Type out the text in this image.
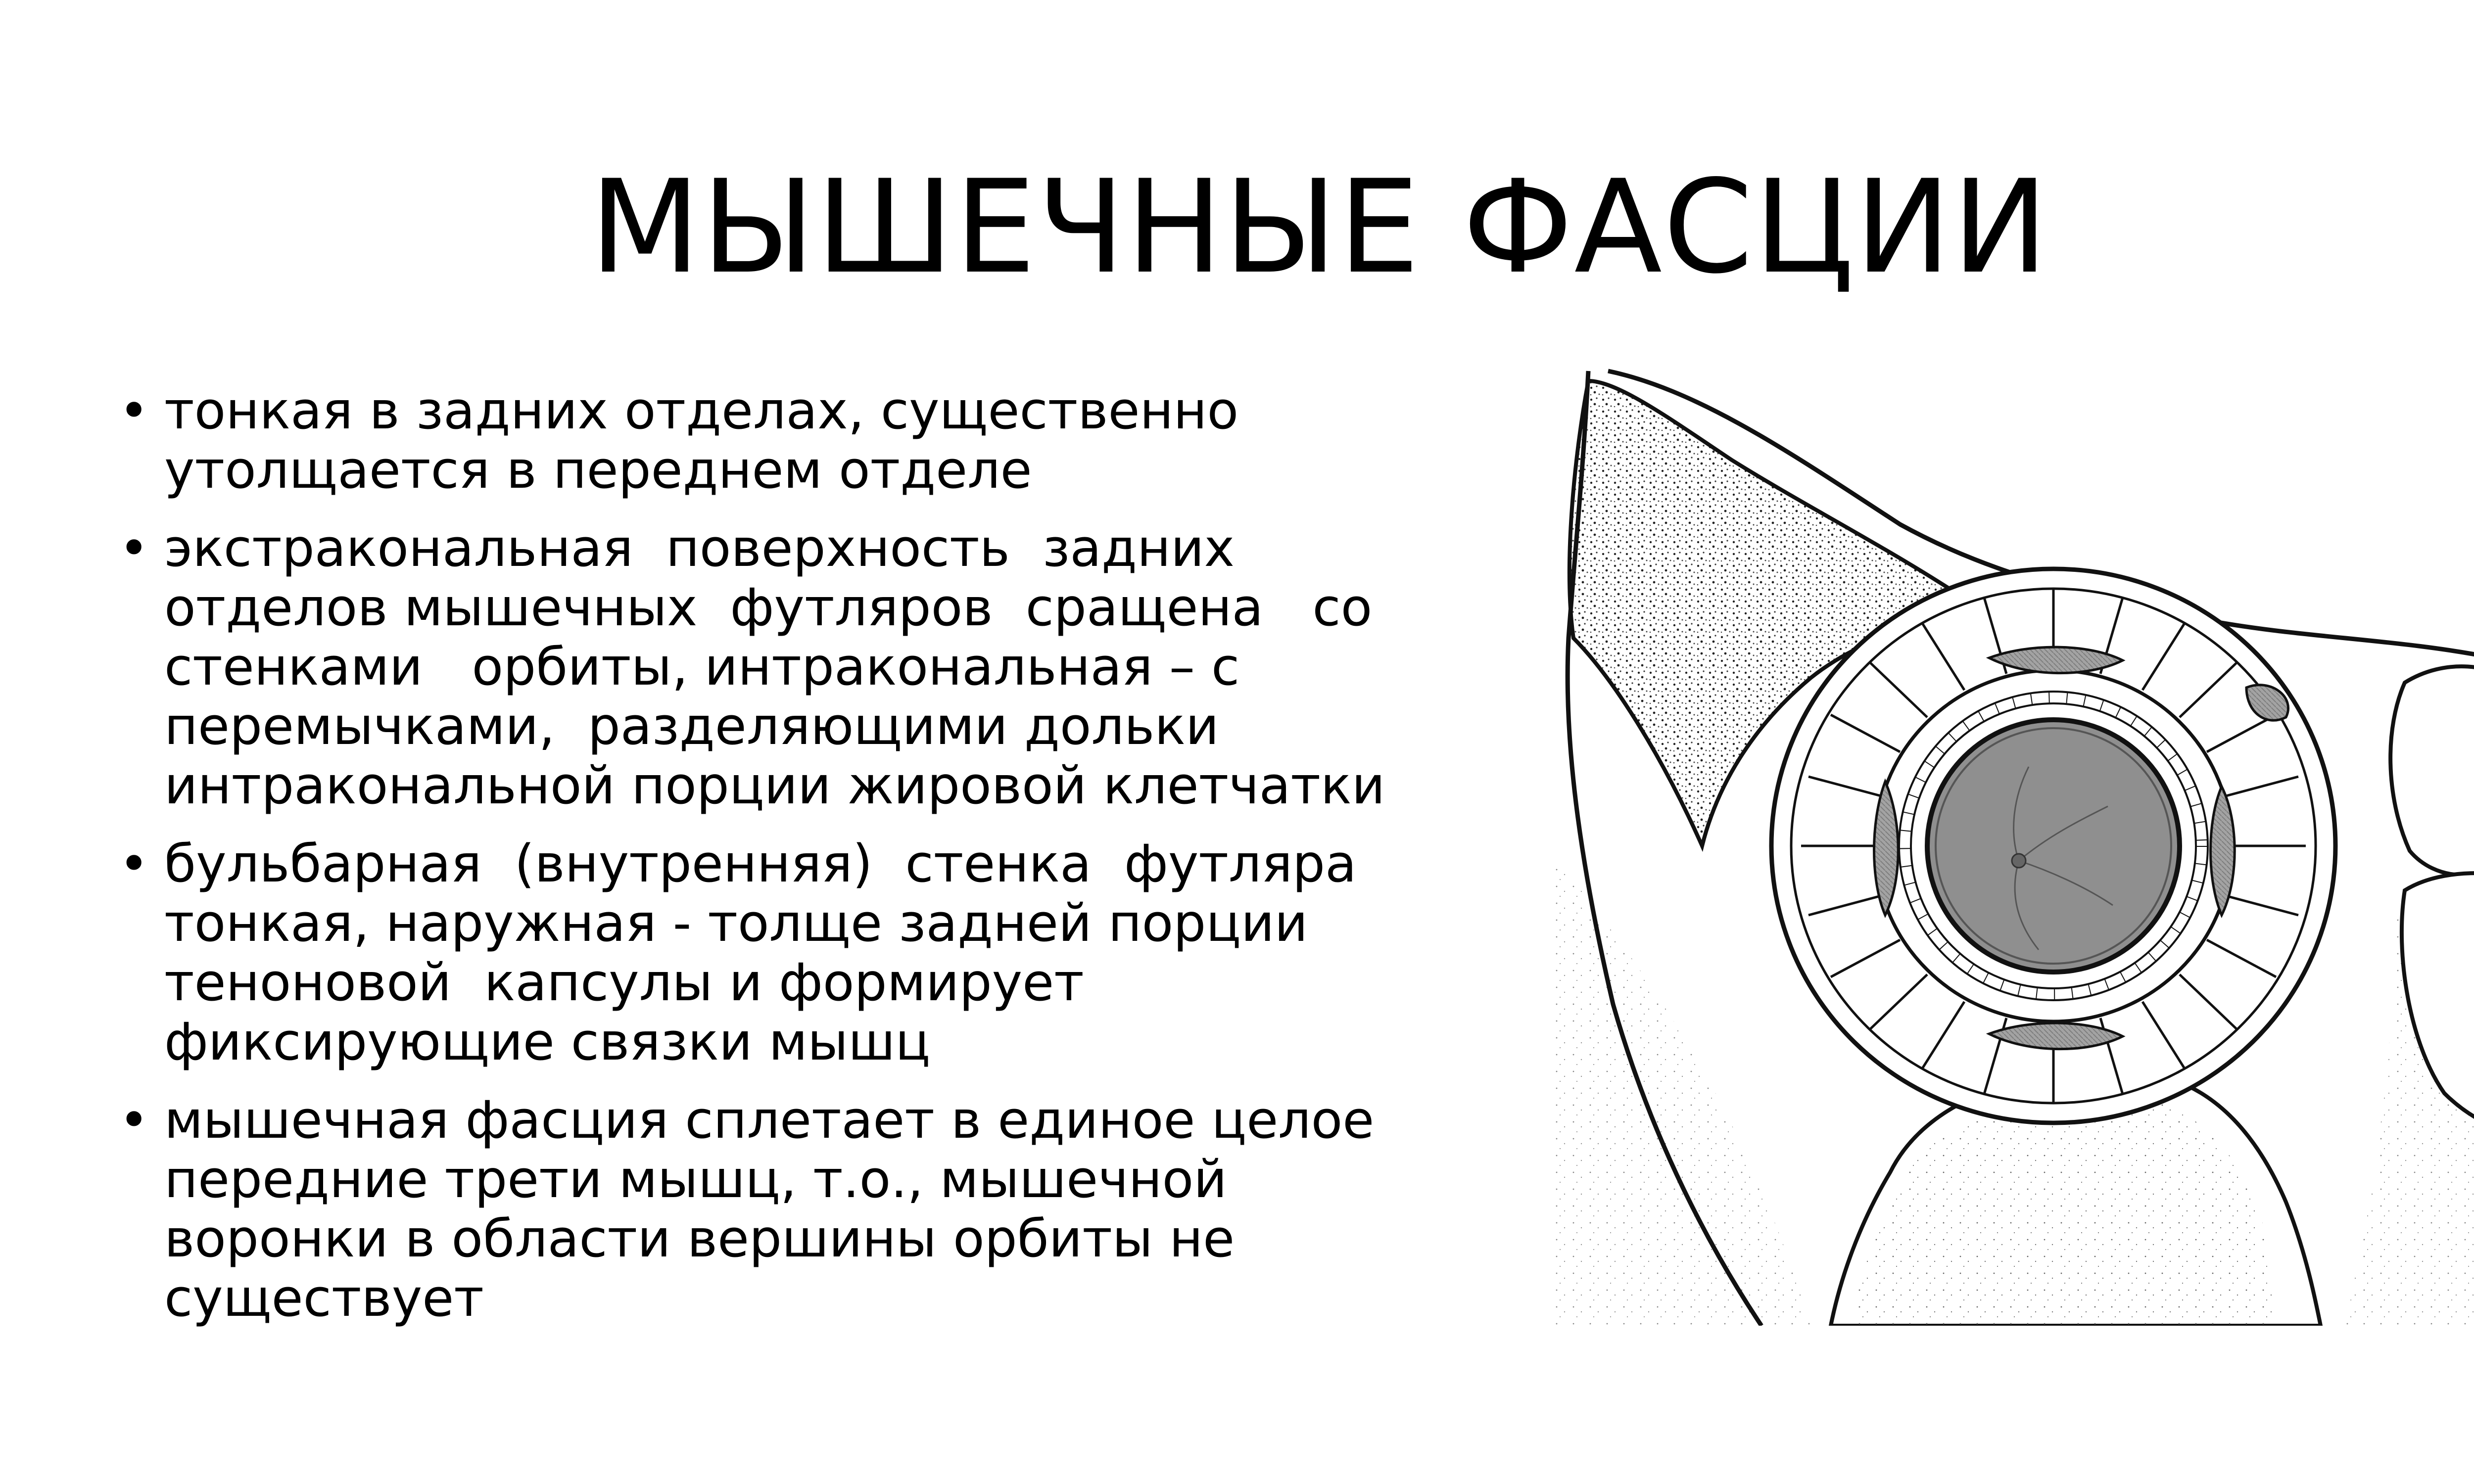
МЫШЕЧНЫЕ ФАСЦИИ
• тонкая в задних отделах, существенно
утолщается в переднем отделе
• экстракональная  поверхность  задних
отделов мышечных  футляров  сращена   со
стенками   орбиты, интракональная – с
перемычками,  разделяющими дольки
интракональной порции жировой клетчатки
• бульбарная  (внутренняя)  стенка  футляра
тонкая, наружная - толще задней порции
теноновой  капсулы и формирует
фиксирующие связки мышц
• мышечная фасция сплетает в единое целое
передние трети мышц, т.о., мышечной
воронки в области вершины орбиты не
существует
